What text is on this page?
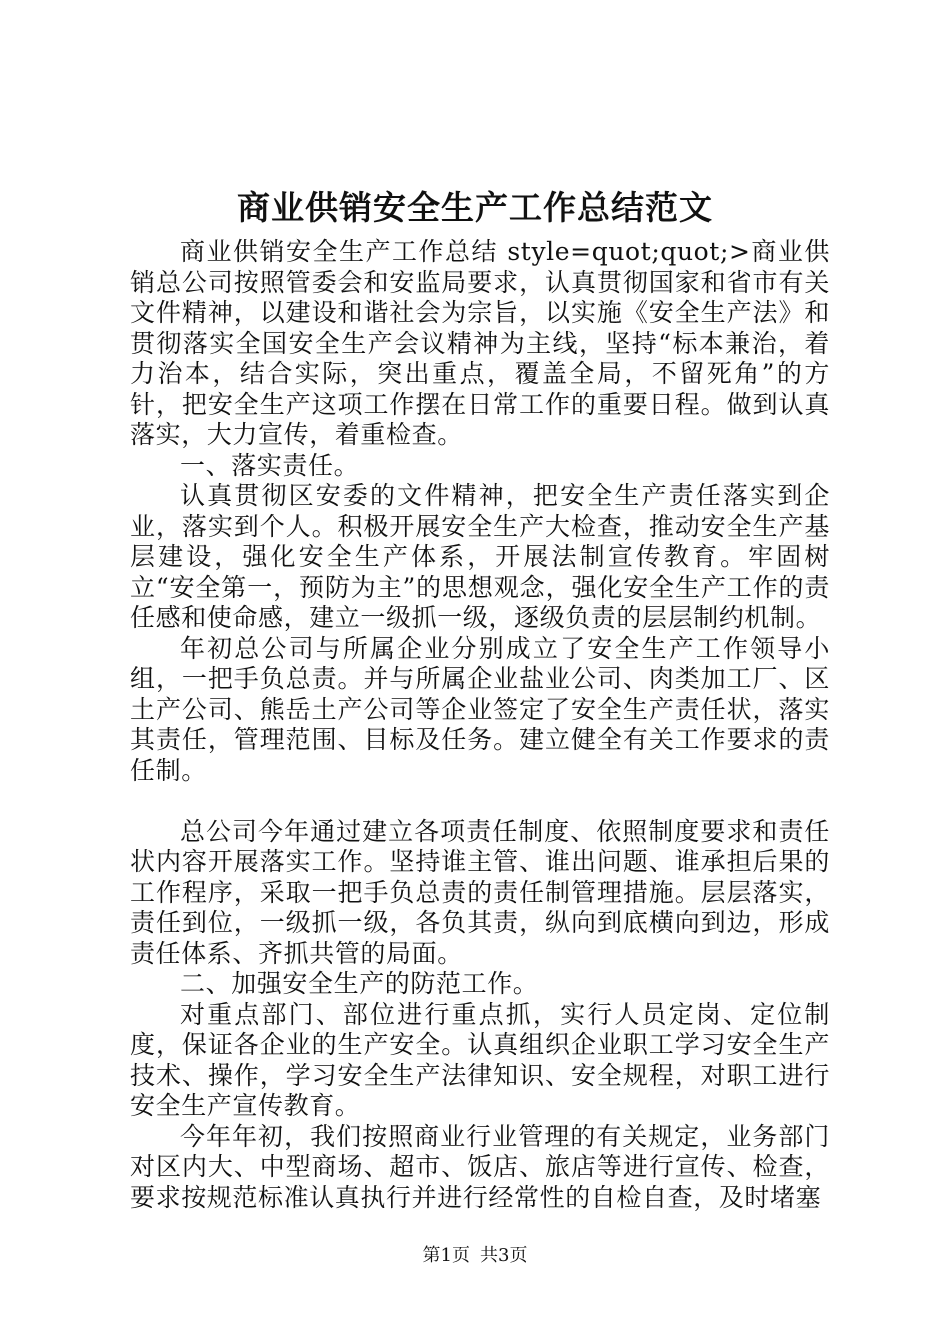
商业供销安全生产工作总结范文

商业供销安全生产工作总结 style=quot;quot;>商业供销总公司按照管委会和安监局要求，认真贯彻国家和省市有关文件精神，以建设和谐社会为宗旨，以实施《安全生产法》和贯彻落实全国安全生产会议精神为主线，坚持“标本兼治，着力治本，结合实际，突出重点，覆盖全局，不留死角”的方针，把安全生产这项工作摆在日常工作的重要日程。做到认真落实，大力宣传，着重检查。

一、落实责任。

认真贯彻区安委的文件精神，把安全生产责任落实到企业，落实到个人。积极开展安全生产大检查，推动安全生产基层建设，强化安全生产体系，开展法制宣传教育。牢固树立“安全第一，预防为主”的思想观念，强化安全生产工作的责任感和使命感，建立一级抓一级，逐级负责的层层制约机制。

年初总公司与所属企业分别成立了安全生产工作领导小组，一把手负总责。并与所属企业盐业公司、肉类加工厂、区土产公司、熊岳土产公司等企业签定了安全生产责任状，落实其责任，管理范围、目标及任务。建立健全有关工作要求的责任制。

总公司今年通过建立各项责任制度、依照制度要求和责任状内容开展落实工作。坚持谁主管、谁出问题、谁承担后果的工作程序，采取一把手负总责的责任制管理措施。层层落实，责任到位，一级抓一级，各负其责，纵向到底横向到边，形成责任体系、齐抓共管的局面。

二、加强安全生产的防范工作。

对重点部门、部位进行重点抓，实行人员定岗、定位制度，保证各企业的生产安全。认真组织企业职工学习安全生产技术、操作，学习安全生产法律知识、安全规程，对职工进行安全生产宣传教育。

今年年初，我们按照商业行业管理的有关规定，业务部门对区内大、中型商场、超市、饭店、旅店等进行宣传、检查，要求按规范标准认真执行并进行经常性的自检自查，及时堵塞

第1页 共3页
